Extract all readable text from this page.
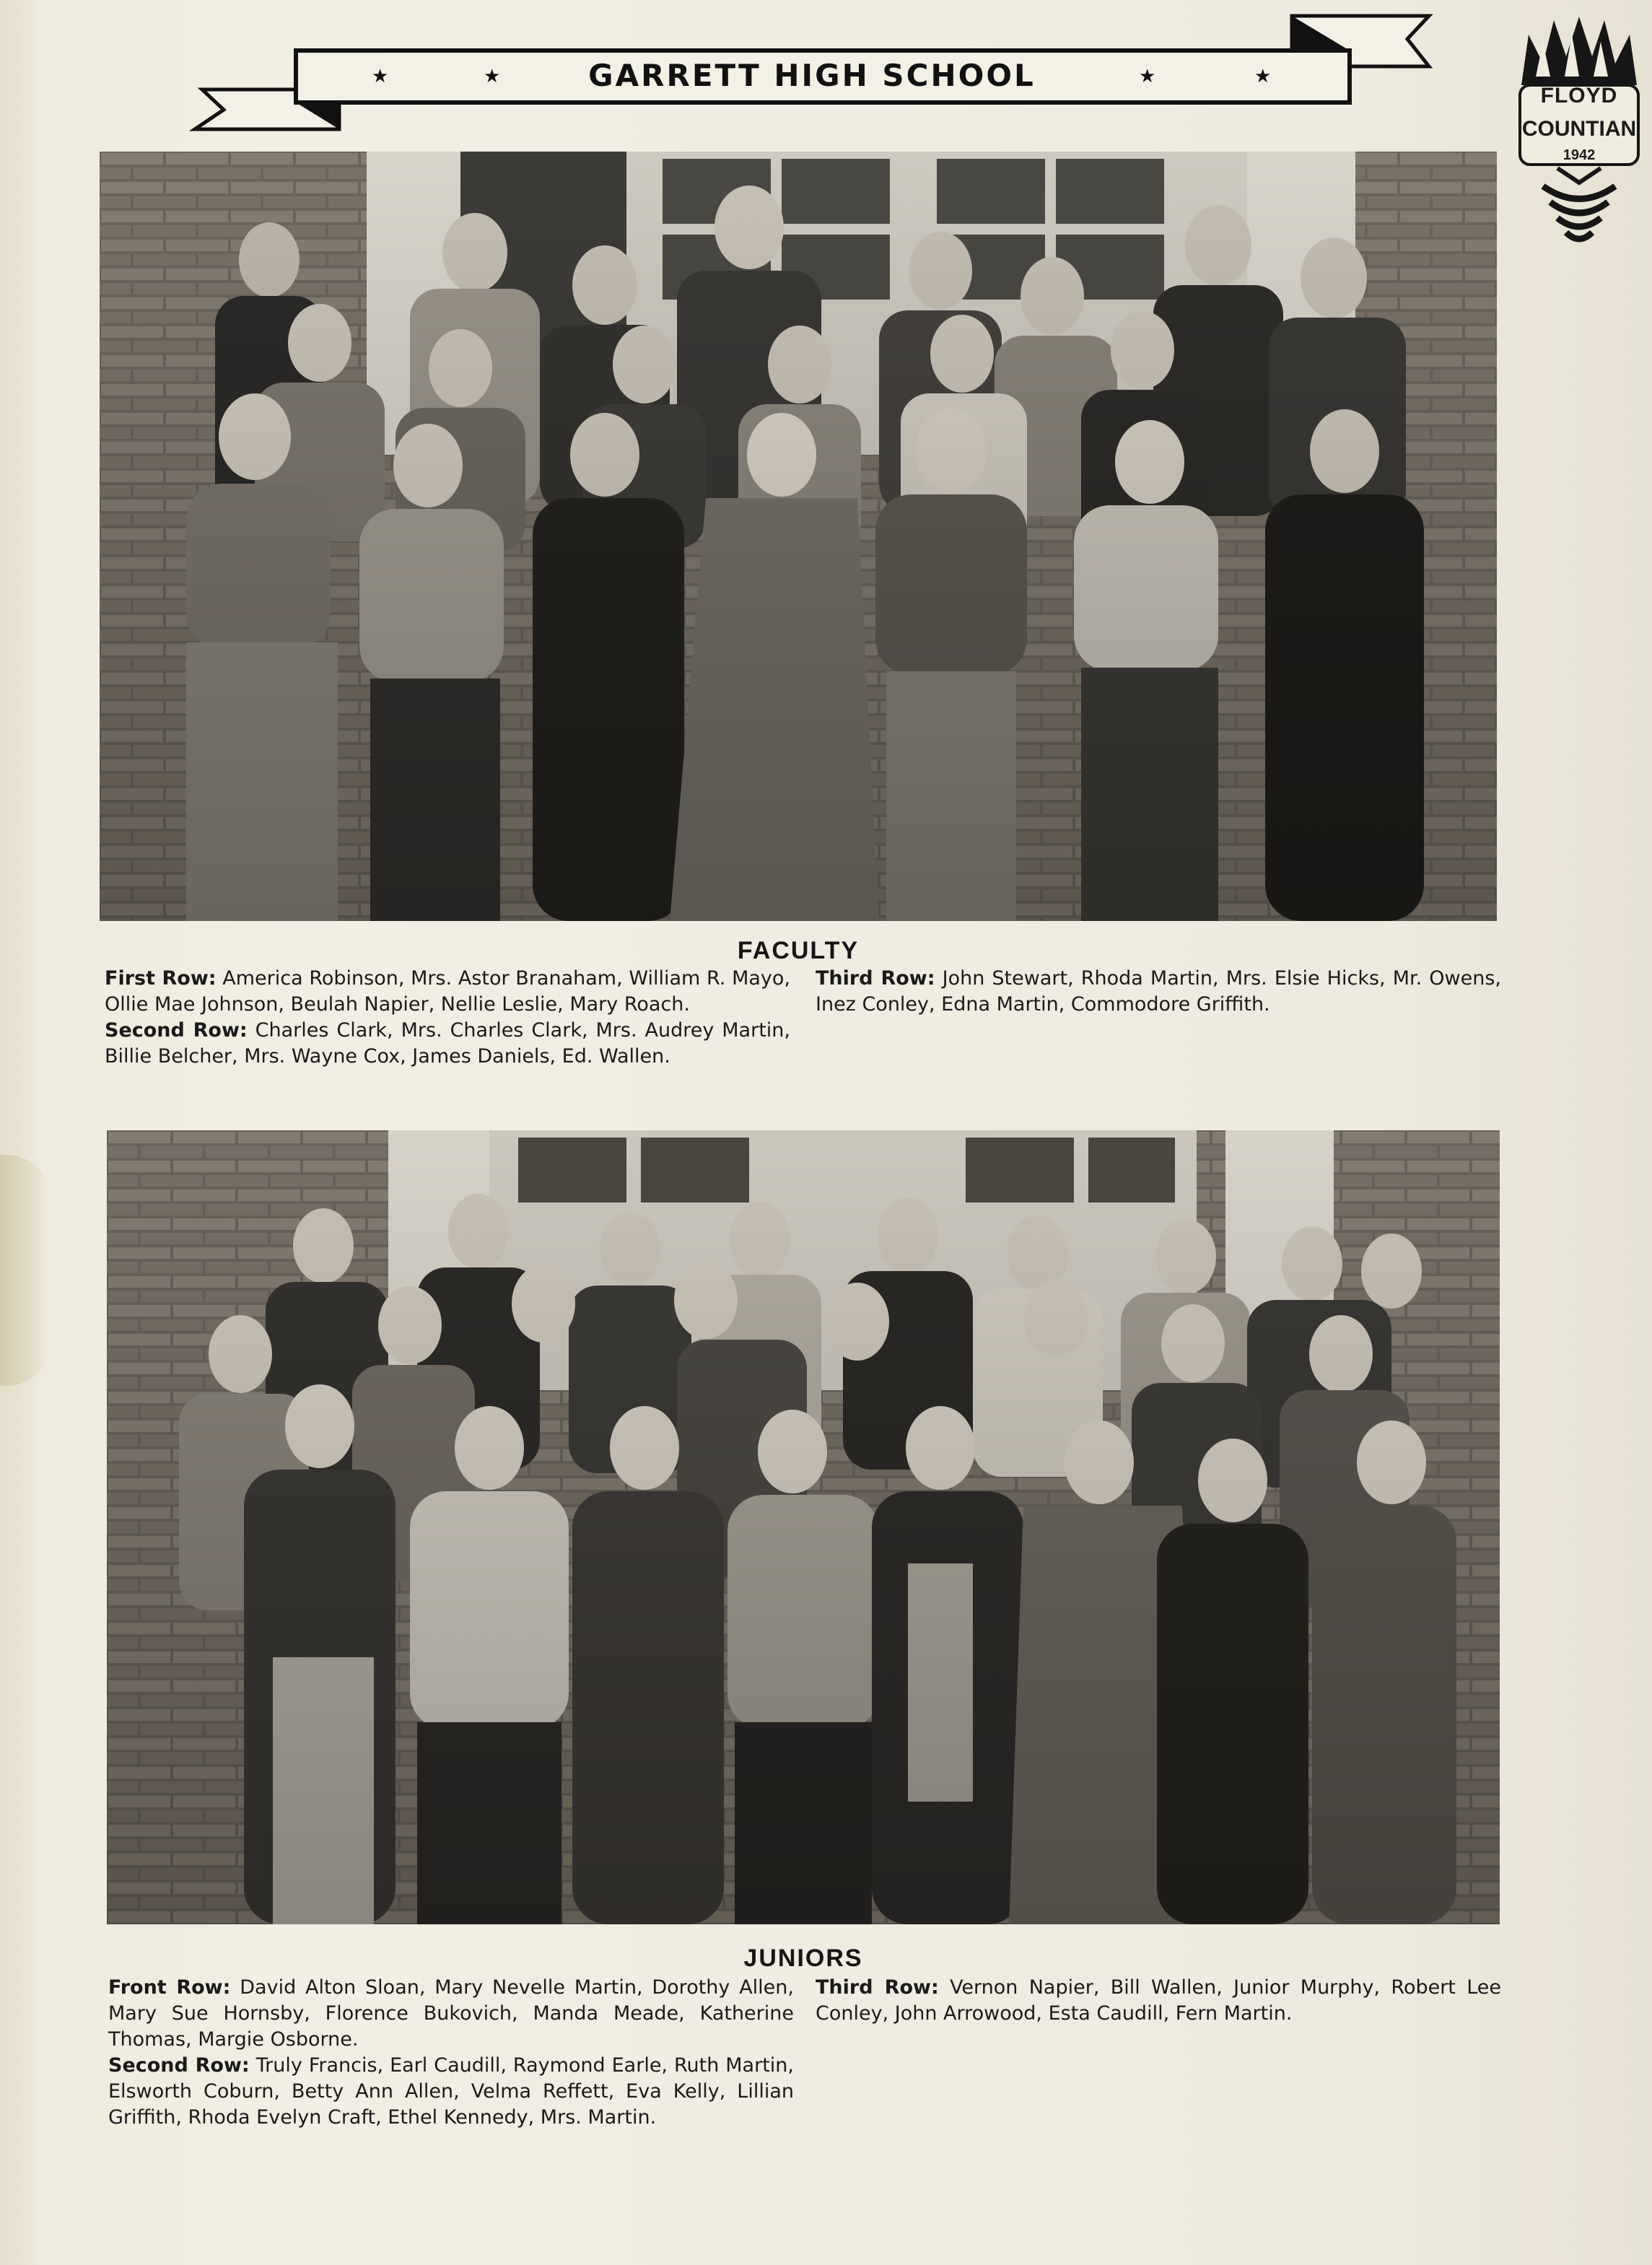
★	★	GARRETT HIGH SCHOOL	★	★
FLOYD
COUNTIAN
1942
FACULTY
First Row: America Robinson, Mrs. Astor Branaham, William R. Mayo, Ollie Mae Johnson, Beulah Napier, Nellie Leslie, Mary Roach.
Second Row: Charles Clark, Mrs. Charles Clark, Mrs. Audrey Martin, Billie Belcher, Mrs. Wayne Cox, James Daniels, Ed. Wallen.
Third Row: John Stewart, Rhoda Martin, Mrs. Elsie Hicks, Mr. Owens, Inez Conley, Edna Martin, Commodore Griffith.
JUNIORS
Front Row: David Alton Sloan, Mary Nevelle Martin, Dorothy Allen, Mary Sue Hornsby, Florence Bukovich, Manda Meade, Katherine Thomas, Margie Osborne.
Second Row: Truly Francis, Earl Caudill, Raymond Earle, Ruth Martin, Elsworth Coburn, Betty Ann Allen, Velma Reffett, Eva Kelly, Lillian Griffith, Rhoda Evelyn Craft, Ethel Kennedy, Mrs. Martin.
Third Row: Vernon Napier, Bill Wallen, Junior Murphy, Robert Lee Conley, John Arrowood, Esta Caudill, Fern Martin.
